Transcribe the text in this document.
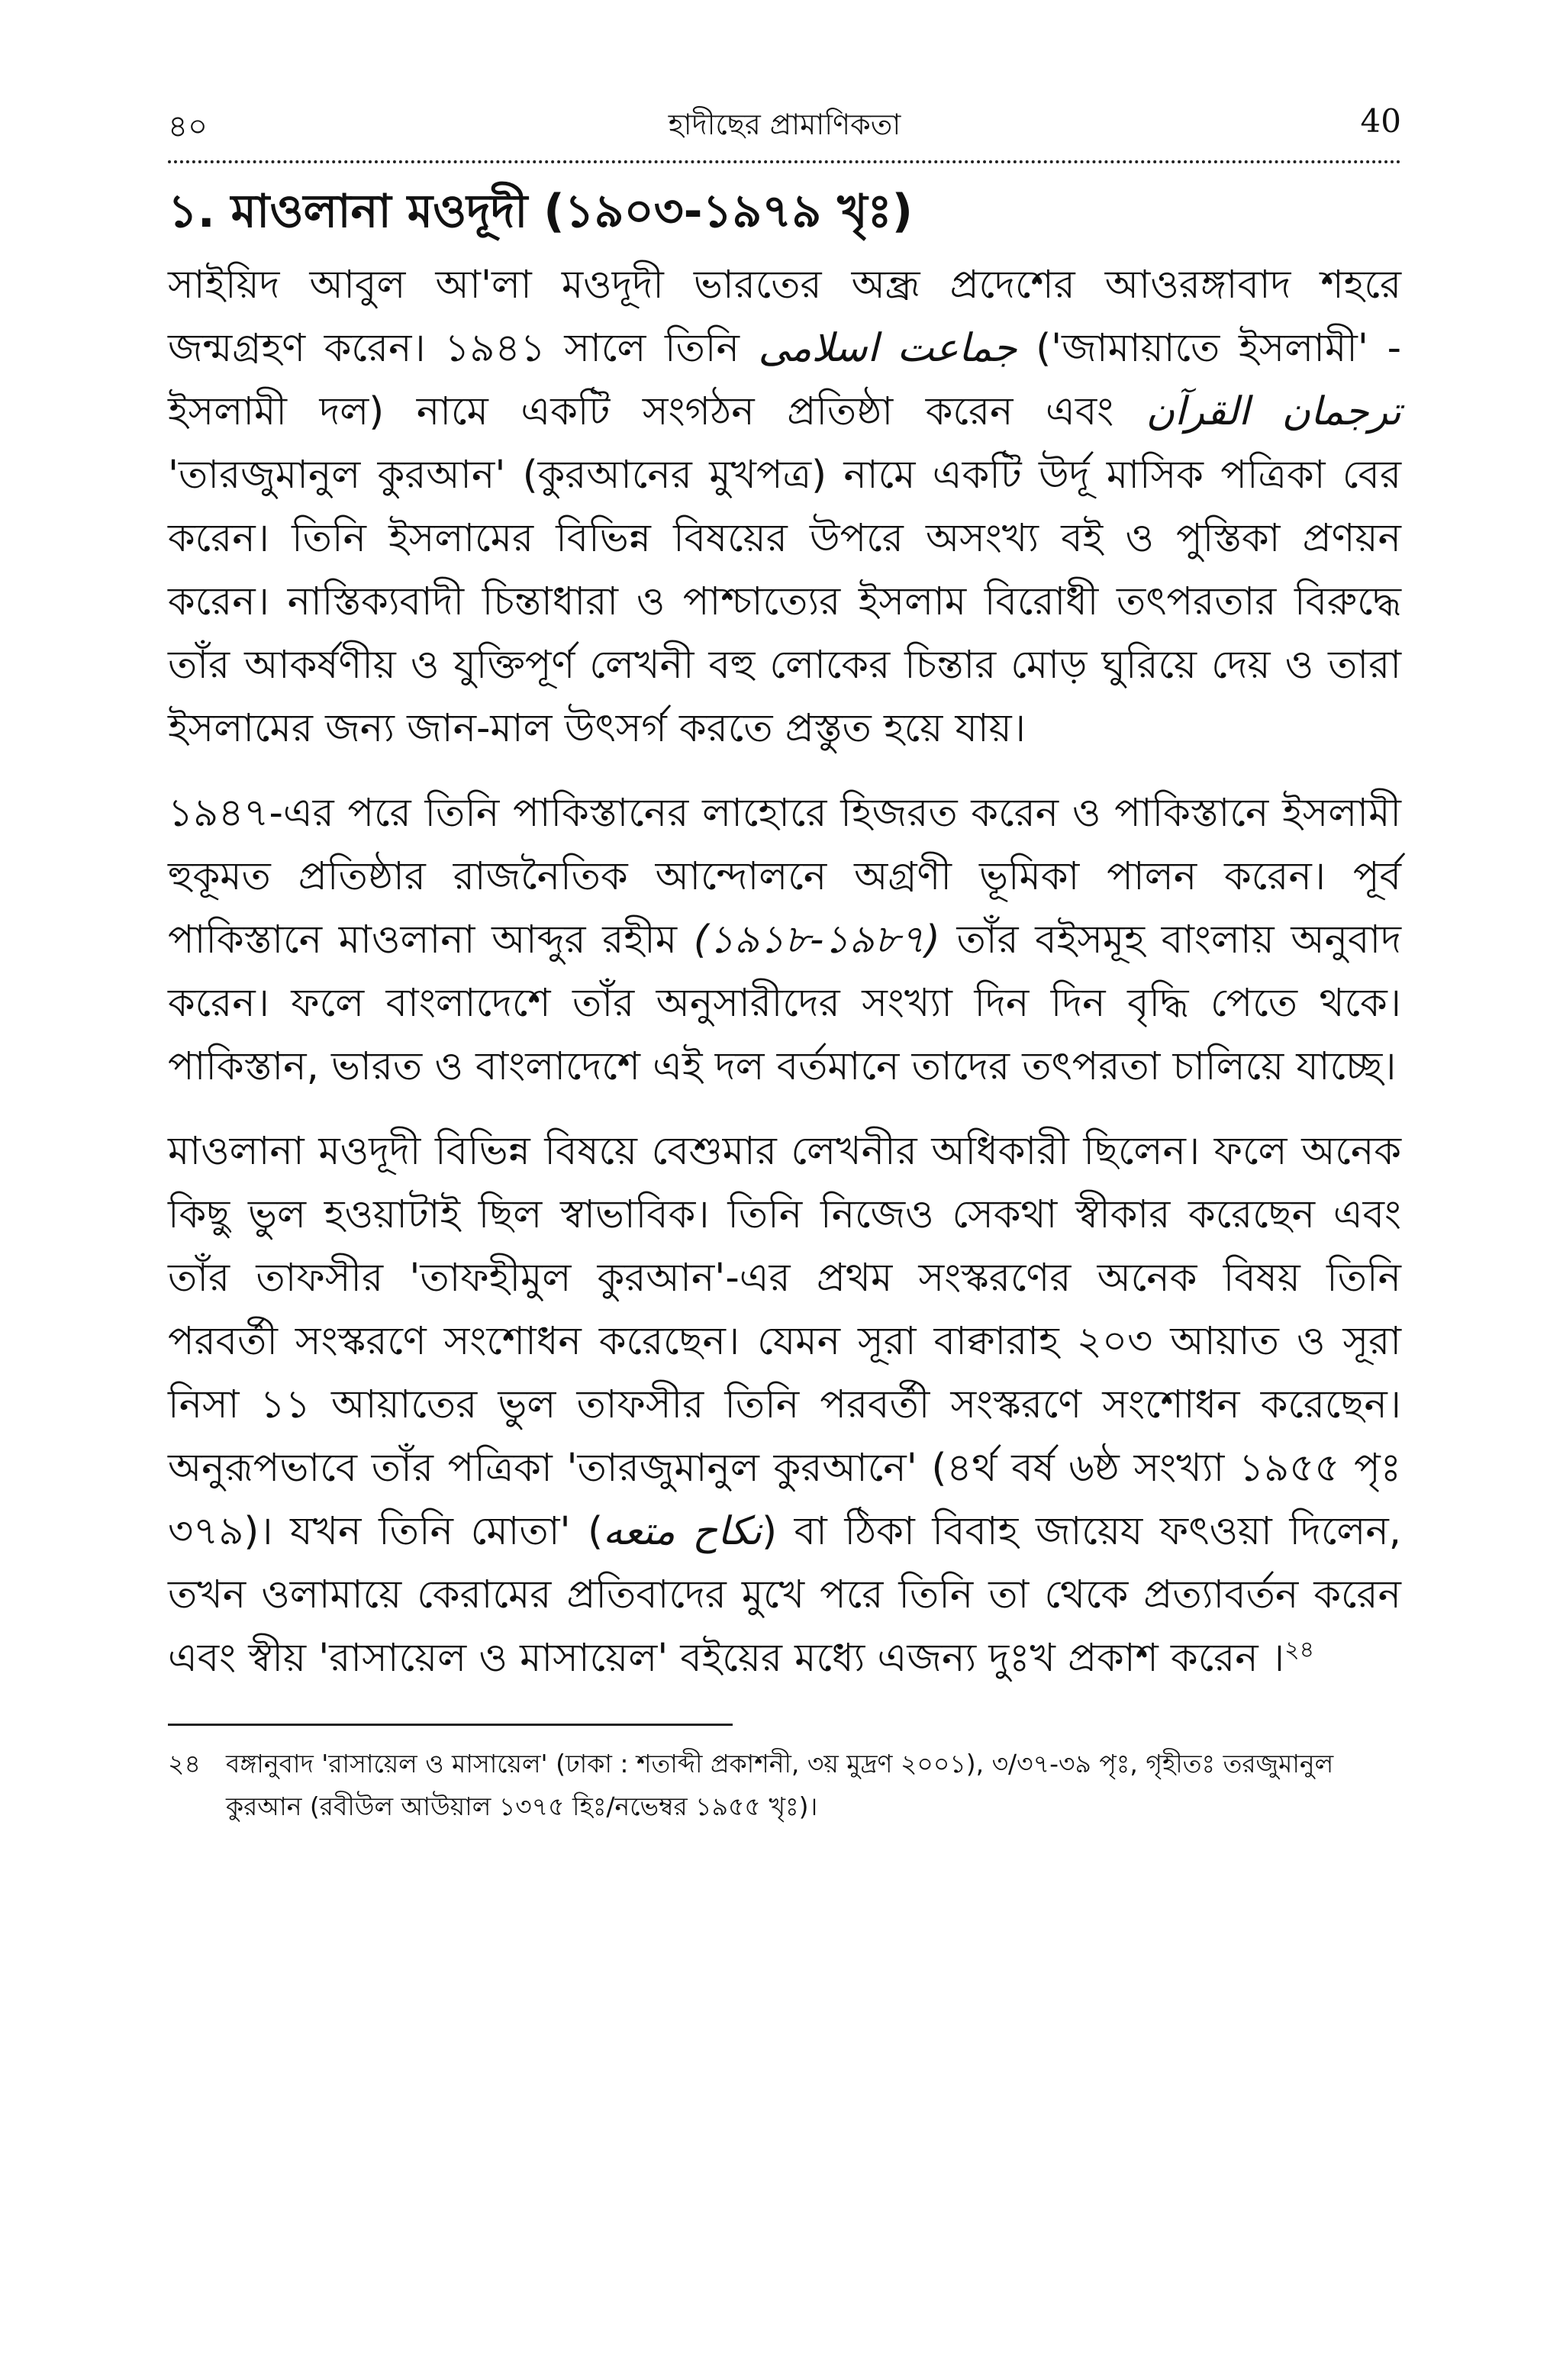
৪০	হাদীছের প্রামাণিকতা	40
১. মাওলানা মওদূদী (১৯০৩-১৯৭৯ খৃঃ)

সাইয়িদ আবুল আ'লা মওদূদী ভারতের অন্ধ্র প্রদেশের আওরঙ্গাবাদ শহরে জন্মগ্রহণ করেন। ১৯৪১ সালে তিনি جماعت اسلامى ('জামায়াতে ইসলামী' - ইসলামী দল) নামে একটি সংগঠন প্রতিষ্ঠা করেন এবং ترجمان القرآن 'তারজুমানুল কুরআন' (কুরআনের মুখপত্র) নামে একটি উর্দূ মাসিক পত্রিকা বের করেন। তিনি ইসলামের বিভিন্ন বিষয়ের উপরে অসংখ্য বই ও পুস্তিকা প্রণয়ন করেন। নাস্তিক্যবাদী চিন্তাধারা ও পাশ্চাত্যের ইসলাম বিরোধী তৎপরতার বিরুদ্ধে তাঁর আকর্ষণীয় ও যুক্তিপূর্ণ লেখনী বহু লোকের চিন্তার মোড় ঘুরিয়ে দেয় ও তারা ইসলামের জন্য জান-মাল উৎসর্গ করতে প্রস্তুত হয়ে যায়।

১৯৪৭-এর পরে তিনি পাকিস্তানের লাহোরে হিজরত করেন ও পাকিস্তানে ইসলামী হুকূমত প্রতিষ্ঠার রাজনৈতিক আন্দোলনে অগ্রণী ভূমিকা পালন করেন। পূর্ব পাকিস্তানে মাওলানা আব্দুর রহীম (১৯১৮-১৯৮৭) তাঁর বইসমূহ বাংলায় অনুবাদ করেন। ফলে বাংলাদেশে তাঁর অনুসারীদের সংখ্যা দিন দিন বৃদ্ধি পেতে থকে। পাকিস্তান, ভারত ও বাংলাদেশে এই দল বর্তমানে তাদের তৎপরতা চালিয়ে যাচ্ছে।

মাওলানা মওদূদী বিভিন্ন বিষয়ে বেশুমার লেখনীর অধিকারী ছিলেন। ফলে অনেক কিছু ভুল হওয়াটাই ছিল স্বাভাবিক। তিনি নিজেও সেকথা স্বীকার করেছেন এবং তাঁর তাফসীর 'তাফহীমুল কুরআন'-এর প্রথম সংস্করণের অনেক বিষয় তিনি পরবর্তী সংস্করণে সংশোধন করেছেন। যেমন সূরা বাক্বারাহ ২০৩ আয়াত ও সূরা নিসা ১১ আয়াতের ভুল তাফসীর তিনি পরবর্তী সংস্করণে সংশোধন করেছেন। অনুরূপভাবে তাঁর পত্রিকা 'তারজুমানুল কুরআনে' (৪র্থ বর্ষ ৬ষ্ঠ সংখ্যা ১৯৫৫ পৃঃ ৩৭৯)। যখন তিনি মোতা' (نكاح متعه) বা ঠিকা বিবাহ জায়েয ফৎওয়া দিলেন, তখন ওলামায়ে কেরামের প্রতিবাদের মুখে পরে তিনি তা থেকে প্রত্যাবর্তন করেন এবং স্বীয় 'রাসায়েল ও মাসায়েল' বইয়ের মধ্যে এজন্য দুঃখ প্রকাশ করেন ।$^{২৪}$

২৪ বঙ্গানুবাদ 'রাসায়েল ও মাসায়েল' (ঢাকা : শতাব্দী প্রকাশনী, ৩য় মুদ্রণ ২০০১), ৩/৩৭-৩৯ পৃঃ, গৃহীতঃ তরজুমানুল কুরআন (রবীউল আউয়াল ১৩৭৫ হিঃ/নভেম্বর ১৯৫৫ খৃঃ)।
